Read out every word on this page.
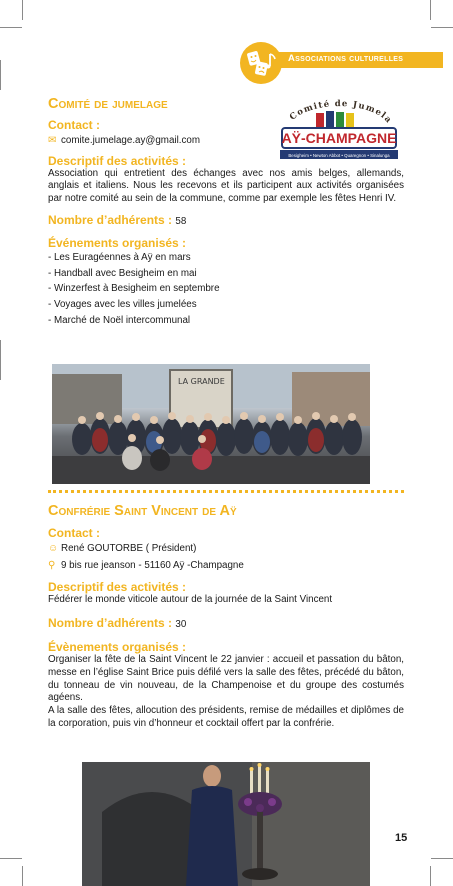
Associations culturelles
Comité de Jumela
AŸ-CHAMPAGNE
Besigheim • Newton Abbot • Quaregnon • Sinalunga
Comité de jumelage

Contact :

✉ comite.jumelage.ay@gmail.com

Descriptif des activités :

Association qui entretient des échanges avec nos amis belges, allemands, anglais et italiens. Nous les recevons et ils participent aux activités organisées par notre comité au sein de la commune, comme par exemple les fêtes Henri IV.

Nombre d’adhérents : 58

Événements organisés :

- Les Euragéennes à Aÿ en mars
- Handball avec Besigheim en mai
- Winzerfest à Besigheim en septembre
- Voyages avec les villes jumelées
- Marché de Noël intercommunal
LA GRANDE
Confrérie Saint Vincent de Aÿ

Contact :

☺ René GOUTORBE ( Président)

⚲ 9 bis rue jeanson - 51160 Aÿ -Champagne

Descriptif des activités :

Fédérer le monde viticole autour de la journée de la Saint Vincent

Nombre d’adhérents : 30

Évènements organisés :

Organiser la fête de la Saint Vincent le 22 janvier : accueil et passation du bâton, messe en l’église Saint Brice puis défilé vers la salle des fêtes, précédé du bâton, du tonneau de vin nouveau, de la Champenoise et du groupe des costumés agéens.

A la salle des fêtes, allocution des présidents, remise de médailles et diplômes de la corporation, puis vin d’honneur et cocktail offert par la confrérie.

15
